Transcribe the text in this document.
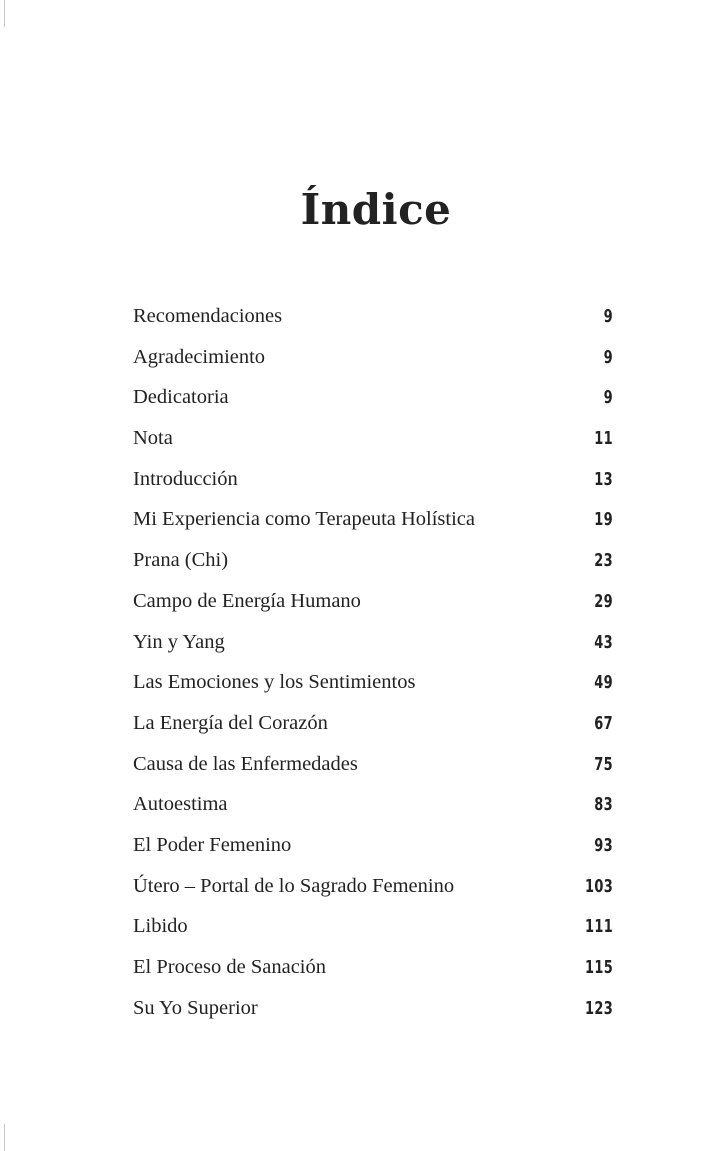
Índice
Recomendaciones	9
Agradecimiento	9
Dedicatoria	9
Nota	11
Introducción	13
Mi Experiencia como Terapeuta Holística	19
Prana (Chi)	23
Campo de Energía Humano	29
Yin y Yang	43
Las Emociones y los Sentimientos	49
La Energía del Corazón	67
Causa de las Enfermedades	75
Autoestima	83
El Poder Femenino	93
Útero – Portal de lo Sagrado Femenino	103
Libido	111
El Proceso de Sanación	115
Su Yo Superior	123
